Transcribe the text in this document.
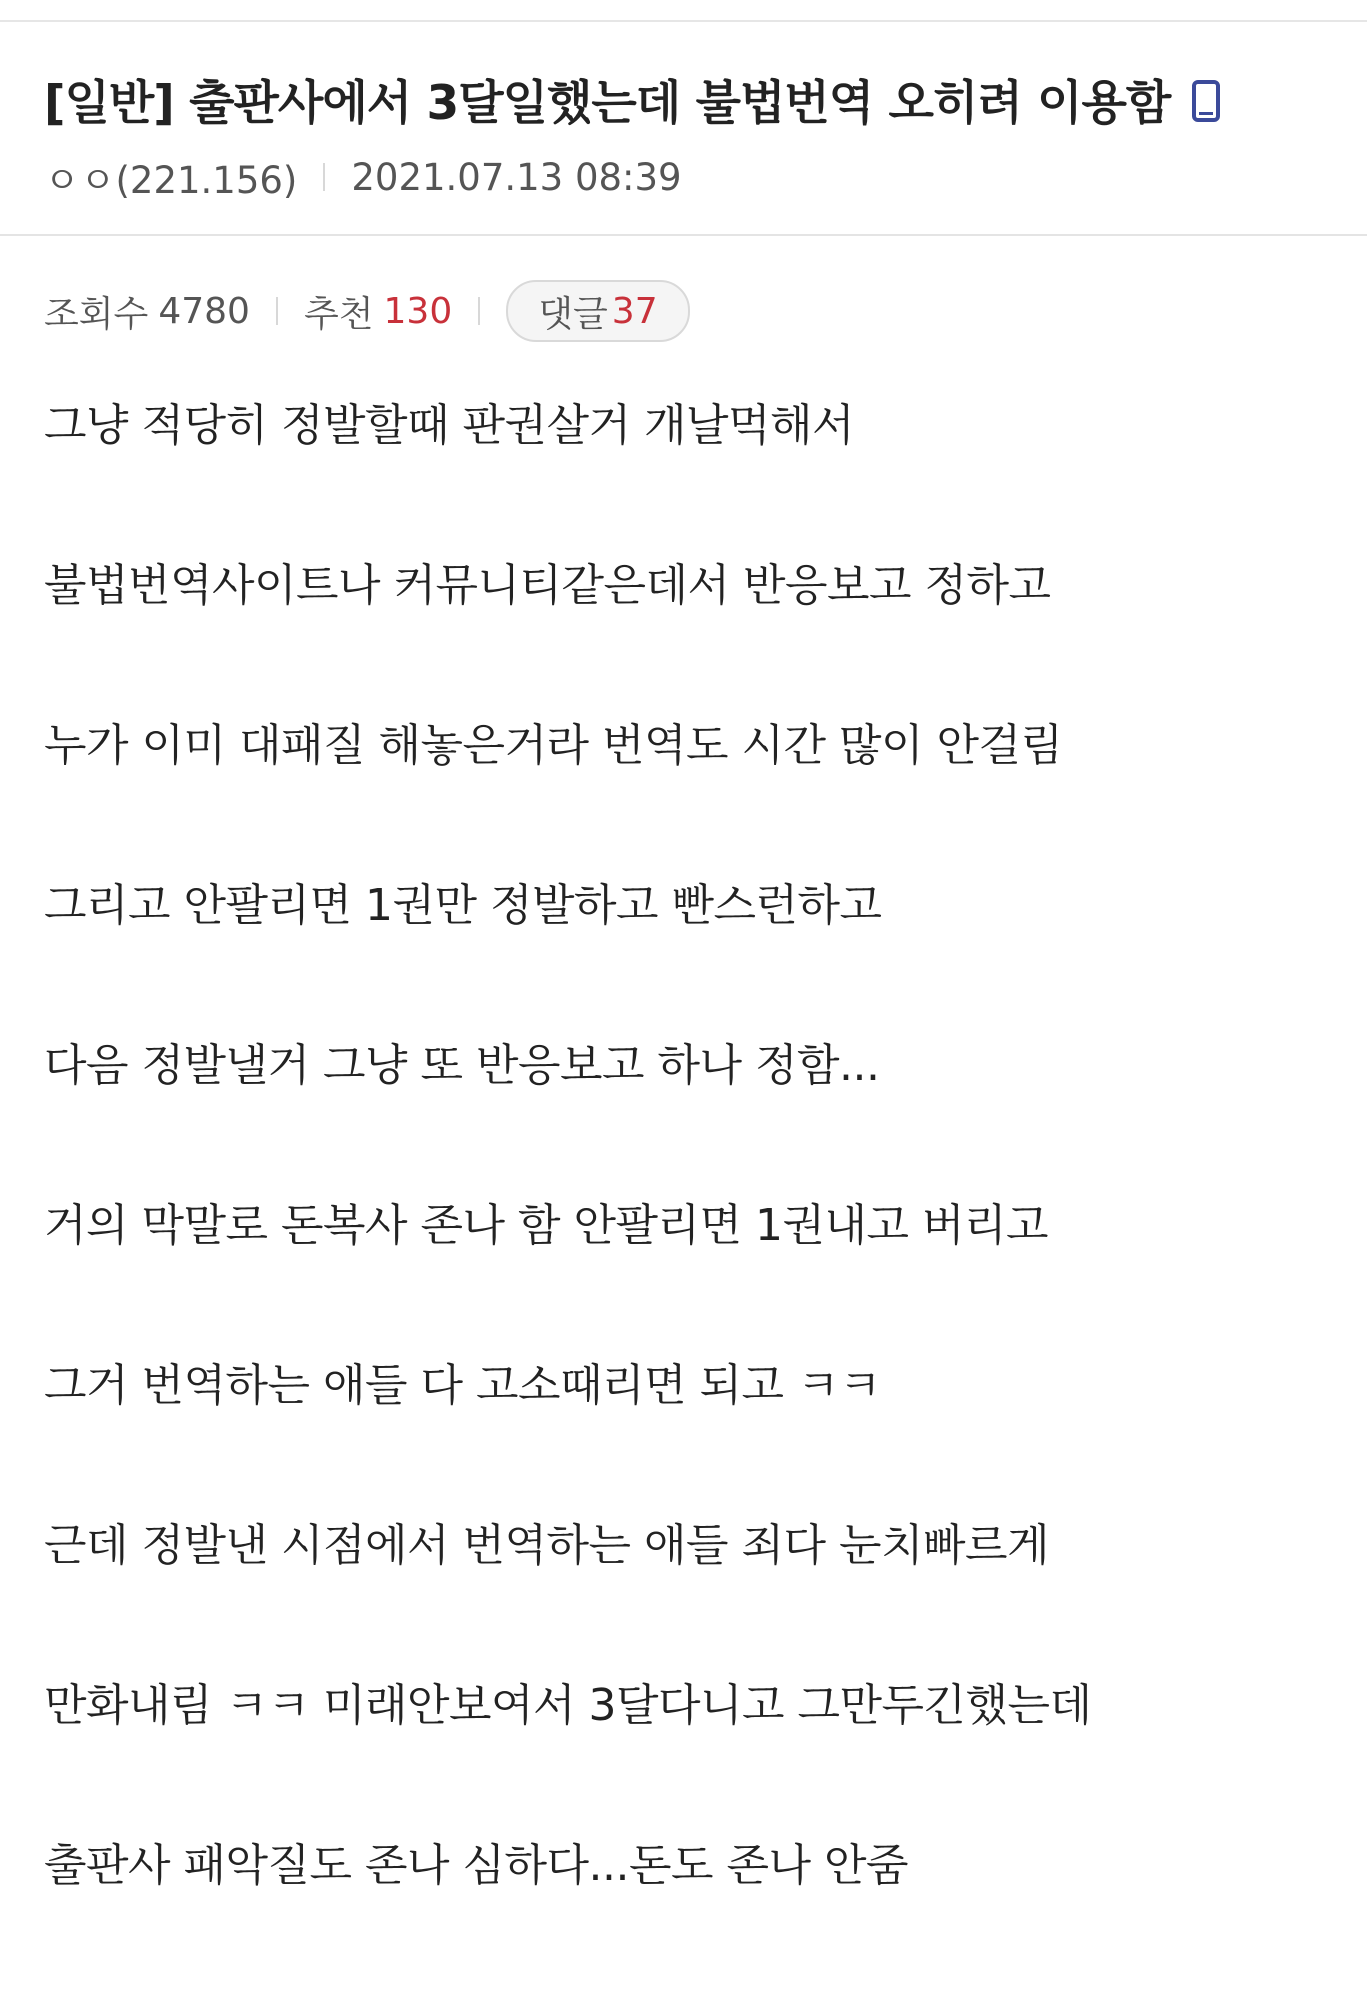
[일반] 출판사에서 3달일했는데 불법번역 오히려 이용함
ㅇㅇ(221.156) 2021.07.13 08:39
조회수 4780 추천 130 댓글 37
그냥 적당히 정발할때 판권살거 개날먹해서
불법번역사이트나 커뮤니티같은데서 반응보고 정하고
누가 이미 대패질 해놓은거라 번역도 시간 많이 안걸림
그리고 안팔리면 1권만 정발하고 빤스런하고
다음 정발낼거 그냥 또 반응보고 하나 정함...
거의 막말로 돈복사 존나 함 안팔리면 1권내고 버리고
그거 번역하는 애들 다 고소때리면 되고 ㅋㅋ
근데 정발낸 시점에서 번역하는 애들 죄다 눈치빠르게
만화내림 ㅋㅋ 미래안보여서 3달다니고 그만두긴했는데
출판사 패악질도 존나 심하다...돈도 존나 안줌
